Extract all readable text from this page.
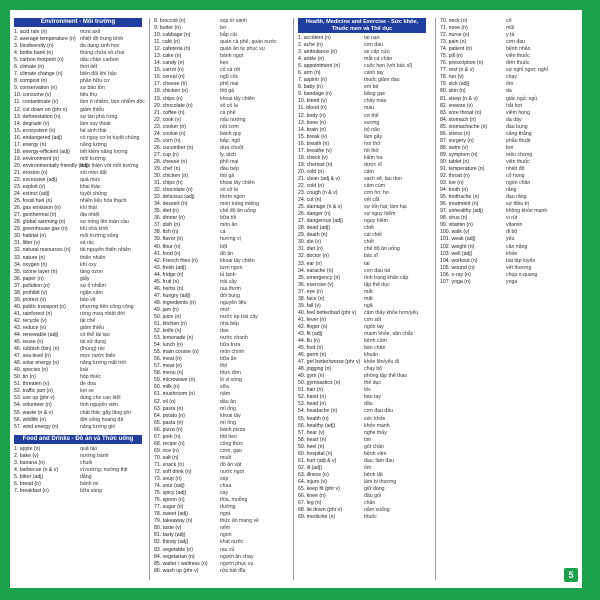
Environment - Môi trường
1. acid rain (n)	mưa axit
2. average temperature (n) nhiệt độ trung bình
3. biodiversity (n)	đa dạng sinh học
4. bottle bank (n)	thùng chứa vỏ chai
5. carbon footprint (n)	dấu chân carbon
6. climate (n)	thời tiết
7. climate change (n)	biến đổi khí hậu
8. compost (n)	phân hữu cơ
9. conservation (n)	sự bảo tồn
10. consume (v)	tiêu thụ
11. contaminate (v)	làm ô nhiễm, làm nhiễm độc
12. cut down on (phr v)	giảm thiểu
13. deforestation (n)	sự tàn phá rừng
14. degrade (v)	làm suy thoái
15. ecosystem (n)	hệ sinh thái
16. endangered (adj)	có nguy cơ bị tuyệt chủng
17. energy (n)	năng lượng
18. energy-efficient (adj)	tiết kiệm năng lượng
19. environment (n)	môi trường
20. environmentally friendly (adj)
thân thiện với môi trường
21. erosion (n)	xói mòn đất
22. excessive (adj)	quá mức
23. exploit (v)	khai thác
24. extinct (adj)	tuyệt chủng
25. fossil fuel (n)	nhiên liệu hóa thạch
26. gas emission (n)	khí thải
27. geothermal (n)	địa nhiệt
28. global warming (n)	sự nóng lên toàn cầu
29. greenhouse gas (n)	khí nhà kính
30. habitat (n)	môi trường sống
31. litter (v)	xả rác
32. natural resources (n)	tài nguyên thiên nhiên
33. nature (n)	thiên nhiên
34. oxygen (n)	khí oxy
35. ozone layer (n)	tầng ozon
36. paper (n)	giấy
37. pollution (n)	sự ô nhiễm
38. prohibit (v)	ngăn cấm
39. protect (v)	bảo vệ
40. public transport (n)	phương tiện công cộng
41. rainforest (n)	rừng mưa nhiệt đới
42. recycle (v)	tái chế
43. reduce (v)	giảm thiểu
44. renewable (adj)	có thể tái tạo
45. reuse (v)	tái sử dụng
46. rubbish (bin) (n)	(thùng) rác
47. sea level (n)	mực nước biển
48. solar energy (n)	năng lượng mặt trời
49. species (n)	loài
50. tin (n)	hộp thiếc
51. threaten (v)	đe dọa
52. traffic jam (n)	kẹt xe
53. use up (phr v)	dùng cho can kiệt
54. volunteer (n)	tình nguyện viên
55. waste (n & v)	chất thải; gây lãng phí
56. wildlife (n)	đời sống hoang dã
57. wind energy (n)	năng lượng gió
Food and Drinks - Đồ ăn và Thức uống
1. apple (n)	quả táo
2. bake (v)	nướng bánh
3. banana (n)	chuối
4. barbecue (n & v)	vỉ nướng; nướng thịt
5. bitter (adj)	đắng
6. bread (n)	bánh mì
7. breakfast (n)	bữa sáng
8. broccoli (n)	súp lơ xanh
9. butter (n)	bơ
10. cabbage (n)	bắp cải
11. café (n)	quán cà phê, quán nước
12. cafeteria (n)	quán ăn tự phục vụ
13. cake (n)	bánh ngọt
14. candy (n)	kẹo
15. carrot (n)	củ cà rốt
16. cereal (n)	ngũ cốc
17. cheese (n)	phô mai
18. chicken (n)	thịt gà
19. chips (n)	khoai tây chiên
20. chocolate (n)	sô cô la
21. coffee (n)	cà phê
22. cook (v)	nấu nướng
23. cooker (n)	nồi cơm
24. cookie (n)	bánh quy
25. corn (n)	bắp, ngô
26. cucumber (n)	dưa chuột
27. cup (n)	ly, tách
28. cheese (n)	phô mai
29. chef (n)	đầu bếp
30. chicken (n)	thịt gà
31. chips (n)	khoai tây chiên
32. chocolate (n)	sô cô la
33. delicious (adj)	thơm ngon
34. dessert (n)	món tráng miệng
35. diet (n)	chế độ ăn uống
36. dinner (n)	bữa tối
37. dish (n)	món ăn
38. fish (n)	cá
39. flavor (n)	hương vị
40. flour (n)	bột
41. food (n)	đồ ăn
42. French fries (n)	khoai tây chiên
43. fresh (adj)	tươi ngon
44. fridge (n)	tủ lạnh
45. fruit (n)	trái cây
46. herbs (n)	rau thơm
47. hungry (adj)	đói bụng
48. ingredients (n)	nguyên liệu
49. jam (n)	mứt
50. juice (n)	nước ép trái cây
51. kitchen (n)	nhà bếp
52. knife (n)	dao
53. lemonade (n)	nước chanh
54. lunch (n)	bữa trưa
55. main course (n)	món chính
56. meal (n)	bữa ăn
57. meat (n)	thịt
58. menu (n)	thực đơn
59. microwave (n)	lò vi sóng
60. milk (n)	sữa
61. mushroom (n)	nấm
62. oil (n)	dầu ăn
63. pasta (n)	mì ống
64. potato (n)	khoai tây
65. pasta (n)	mì ống
66. pizza (n)	bánh pizza
67. pork (n)	thịt heo
68. recipe (n)	công thức
69. rice (n)	cơm, gạo
70. salt (n)	muối
71. snack (n)	đồ ăn vặt
72. soft drink (n)	nước ngọt
73. soup (n)	súp
74. sour (adj)	chua
75. spicy (adj)	cay
76. spoon (n)	thìa, muỗng
77. sugar (n)	đường
78. sweet (adj)	ngọt
79. takeaway (n)	thức ăn mang về
80. taste (v)	nếm
81. tasty (adj)	ngon
82. thirsty (adj)	khát nước
83. vegetable (n)	rau củ
84. vegetarian (n)	người ăn chay
85. waiter / waitress (n)	người phục vụ
86. wash up (phr v)	rửa bát đĩa
Health, Medicine and Exercise - Sức khỏe, Thuốc men và Thể dục
1. accident (n)	tai nạn
2. ache (n)	cơn đau
3. ambulance (n)	xe cấp cứu
4. ankle (n)	mắt cá chân
5. appointment (n)	cuộc hẹn (với bác sĩ)
6. arm (n)	cánh tay
7. aspirin (n)	thuốc giảm đau
8. baby (n)	em bé
9. bandage (n)	băng gạc
10. bleed (v)	chảy máu
11. blood (n)	máu
12. body (n)	cơ thể
13. bone (n)	xương
14. brain (n)	bộ não
15. break (v)	làm gãy
16. breath (n)	hơi thở
17. breathe (v)	hít thở
18. check (v)	kiểm tra
19. chemist (n)	dược sĩ
20. cold (n)	cảm
21. clean (adj & v)	sạch sẽ; lau dọn
22. cold (n)	cảm cúm
23. cough (n & v)	cơn ho; ho
24. cut (n)	vết cắt
25. damage (n & v)	sự tổn hại; làm hại
26. danger (n)	sự nguy hiểm
27. dangerous (adj)	nguy hiểm
28. dead (adj)	chết
29. death (n)	cái chết
30. die (v)	chết
31. diet (n)	chế độ ăn uống
32. doctor (n)	bác sĩ
33. ear (n)	tai
34. earache (n)	cơn đau tai
35. emergency (n)	tình trạng khẩn cấp
36. exercise (v)	tập thể dục
37. eye (n)	mắt
38. face (n)	mặt
39. fall (v)	ngã
40. feel better/bad (phr v)	cảm thấy khỏe hơn/yếu
41. fever (n)	cơn sốt
42. finger (n)	ngón tay
43. fit (adj)	mạnh khỏe, săn chắc
44. flu (n)	bệnh cúm
45. foot (n)	bàn chân
46. germ (n)	khuẩn
47. get better/worse (phr v) khỏe lên/yếu đi
48. jogging (n)	chạy bộ
49. gym (n)	phòng tập thể thao
50. gymnastics (n)	thể dục
51. hair (n)	tóc
52. hand (n)	bàn tay
53. head (n)	đầu
54. headache (n)	cơn đau đầu
55. health (n)	sức khỏe
56. healthy (adj)	khỏe mạnh
57. hear (v)	nghe thấy
58. heart (n)	tim
59. heel (n)	gót chân
60. hospital (n)	bệnh viện
61. hurt (adj & v)	đau; làm đau
62. ill (adj)	ốm
63. illness (n)	bệnh tật
64. injure (v)	làm bị thương
65. keep fit (phr v)	giữ dáng
66. knee (n)	đầu gối
67. leg (n)	chân
68. lie down (phr v)	nằm xuống
69. medicine (n)	thuốc
70. neck (n)	cổ
71. nose (n)	mũi
72. nurse (n)	y tá
73. pain (n)	cơn đau
74. patient (n)	bệnh nhân
75. pill (n)	viên thuốc
76. prescription (n)	đơn thuốc
77. rest (n & v)	sự nghỉ ngơi; nghỉ
78. run (v)	chạy
79. sick (adj)	ốm
80. skin (n)	da
81. sleep (n & v)	giấc ngủ; ngủ
82. sneeze (v)	hắt hơi
83. sore throat (n)	viêm họng
84. stomach (n)	dạ dày
85. stomachache (n)	đau bụng
86. stress (n)	căng thẳng
87. surgery (n)	phẫu thuật
88. swim (v)	bơi
89. symptom (n)	triệu chứng
90. tablet (n)	viên thuốc
91. temperature (n)	nhiệt độ
92. throat (n)	cổ họng
93. toe (n)	ngón chân
94. tooth (n)	răng
95. toothache (n)	đau răng
96. treatment (n)	sự điều trị
97. unhealthy (adj)	không khỏe mạnh
98. virus (n)	vi rút
99. vitamin (n)	vitamin
100. walk (v)	đi bộ
101. weak (adj)	yếu
102. weight (n)	cân nặng
103. well (adj)	khỏe
104. workout (n)	bài tập luyện
105. wound (n)	vết thương
106. x-ray (n)	chụp x-quang
107. yoga (n)	yoga
5
